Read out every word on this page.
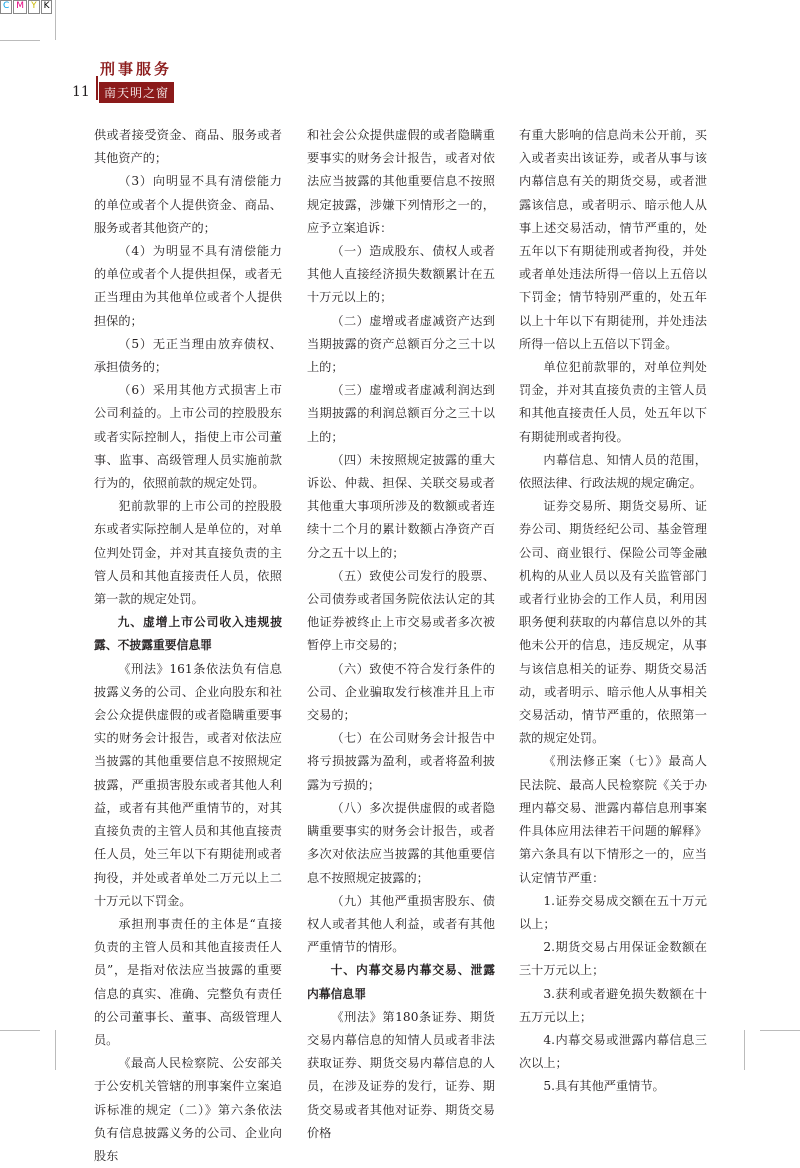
C M Y K
刑事服务
11	南天明之窗

供或者接受资金、商品、服务或者其他资产的；

（3）向明显不具有清偿能力的单位或者个人提供资金、商品、服务或者其他资产的；

（4）为明显不具有清偿能力的单位或者个人提供担保，或者无正当理由为其他单位或者个人提供担保的；

（5）无正当理由放弃债权、承担债务的；

（6）采用其他方式损害上市公司利益的。上市公司的控股股东或者实际控制人，指使上市公司董事、监事、高级管理人员实施前款行为的，依照前款的规定处罚。

犯前款罪的上市公司的控股股东或者实际控制人是单位的，对单位判处罚金，并对其直接负责的主管人员和其他直接责任人员，依照第一款的规定处罚。

九、虚增上市公司收入违规披露、不披露重要信息罪

《刑法》161条依法负有信息披露义务的公司、企业向股东和社会公众提供虚假的或者隐瞒重要事实的财务会计报告，或者对依法应当披露的其他重要信息不按照规定披露，严重损害股东或者其他人利益，或者有其他严重情节的，对其直接负责的主管人员和其他直接责任人员，处三年以下有期徒刑或者拘役，并处或者单处二万元以上二十万元以下罚金。

承担刑事责任的主体是“直接负责的主管人员和其他直接责任人员”，是指对依法应当披露的重要信息的真实、准确、完整负有责任的公司董事长、董事、高级管理人员。

《最高人民检察院、公安部关于公安机关管辖的刑事案件立案追诉标准的规定（二）》第六条依法负有信息披露义务的公司、企业向股东

和社会公众提供虚假的或者隐瞒重要事实的财务会计报告，或者对依法应当披露的其他重要信息不按照规定披露，涉嫌下列情形之一的，应予立案追诉：

（一）造成股东、债权人或者其他人直接经济损失数额累计在五十万元以上的；

（二）虚增或者虚减资产达到当期披露的资产总额百分之三十以上的；

（三）虚增或者虚减利润达到当期披露的利润总额百分之三十以上的；

（四）未按照规定披露的重大诉讼、仲裁、担保、关联交易或者其他重大事项所涉及的数额或者连续十二个月的累计数额占净资产百分之五十以上的；

（五）致使公司发行的股票、公司债券或者国务院依法认定的其他证券被终止上市交易或者多次被暂停上市交易的；

（六）致使不符合发行条件的公司、企业骗取发行核准并且上市交易的；

（七）在公司财务会计报告中将亏损披露为盈利，或者将盈利披露为亏损的；

（八）多次提供虚假的或者隐瞒重要事实的财务会计报告，或者多次对依法应当披露的其他重要信息不按照规定披露的；

（九）其他严重损害股东、债权人或者其他人利益，或者有其他严重情节的情形。

十、内幕交易内幕交易、泄露内幕信息罪

《刑法》第180条证券、期货交易内幕信息的知情人员或者非法获取证券、期货交易内幕信息的人员，在涉及证券的发行，证券、期货交易或者其他对证券、期货交易价格

有重大影响的信息尚未公开前，买入或者卖出该证券，或者从事与该内幕信息有关的期货交易，或者泄露该信息，或者明示、暗示他人从事上述交易活动，情节严重的，处五年以下有期徒刑或者拘役，并处或者单处违法所得一倍以上五倍以下罚金；情节特别严重的，处五年以上十年以下有期徒刑，并处违法所得一倍以上五倍以下罚金。

单位犯前款罪的，对单位判处罚金，并对其直接负责的主管人员和其他直接责任人员，处五年以下有期徒刑或者拘役。

内幕信息、知情人员的范围，依照法律、行政法规的规定确定。

证券交易所、期货交易所、证券公司、期货经纪公司、基金管理公司、商业银行、保险公司等金融机构的从业人员以及有关监管部门或者行业协会的工作人员，利用因职务便利获取的内幕信息以外的其他未公开的信息，违反规定，从事与该信息相关的证券、期货交易活动，或者明示、暗示他人从事相关交易活动，情节严重的，依照第一款的规定处罚。

《刑法修正案（七）》最高人民法院、最高人民检察院《关于办理内幕交易、泄露内幕信息刑事案件具体应用法律若干问题的解释》第六条具有以下情形之一的，应当认定情节严重：

1.证券交易成交额在五十万元以上；

2.期货交易占用保证金数额在三十万元以上；

3.获利或者避免损失数额在十五万元以上；

4.内幕交易或泄露内幕信息三次以上；

5.具有其他严重情节。
